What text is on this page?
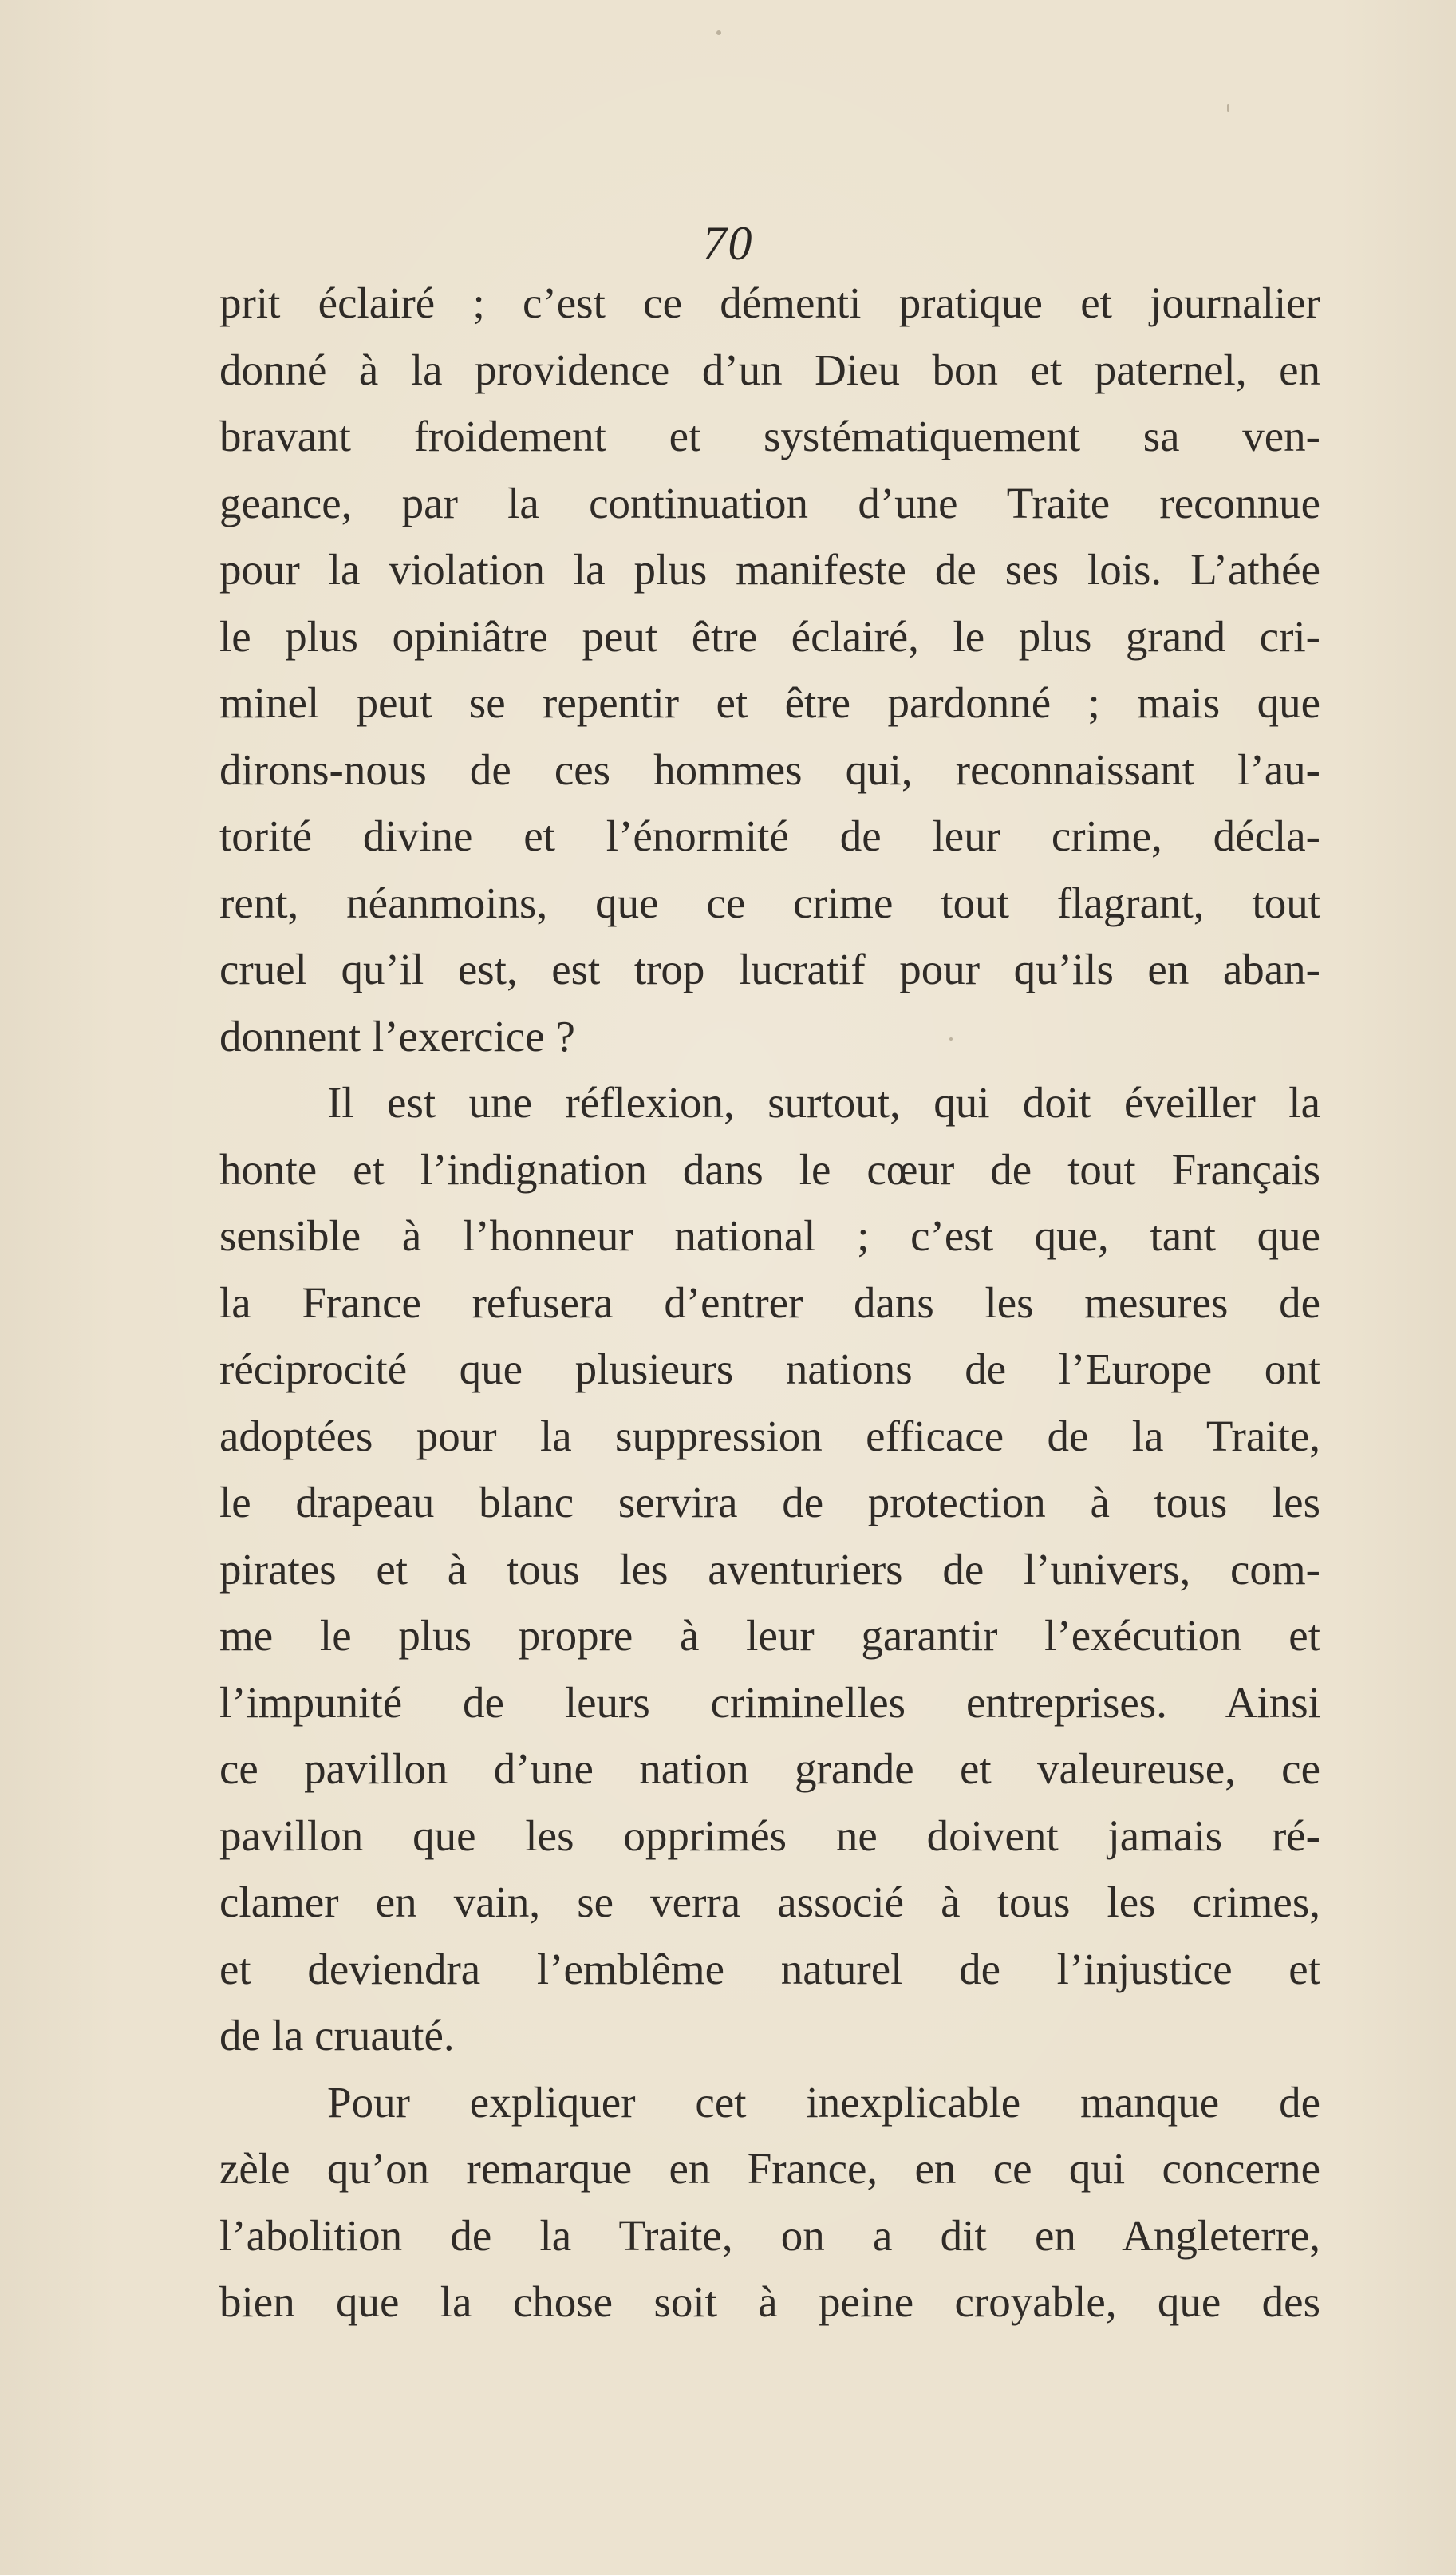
70
prit éclairé ; c’est ce démenti pratique et journalier
donné à la providence d’un Dieu bon et paternel, en
bravant froidement et systématiquement sa ven-
geance, par la continuation d’une Traite reconnue
pour la violation la plus manifeste de ses lois. L’athée
le plus opiniâtre peut être éclairé, le plus grand cri-
minel peut se repentir et être pardonné ; mais que
dirons-nous de ces hommes qui, reconnaissant l’au-
torité divine et l’énormité de leur crime, décla-
rent, néanmoins, que ce crime tout flagrant, tout
cruel qu’il est, est trop lucratif pour qu’ils en aban-
donnent l’exercice ?
Il est une réflexion, surtout, qui doit éveiller la
honte et l’indignation dans le cœur de tout Français
sensible à l’honneur national ; c’est que, tant que
la France refusera d’entrer dans les mesures de
réciprocité que plusieurs nations de l’Europe ont
adoptées pour la suppression efficace de la Traite,
le drapeau blanc servira de protection à tous les
pirates et à tous les aventuriers de l’univers, com-
me le plus propre à leur garantir l’exécution et
l’impunité de leurs criminelles entreprises. Ainsi
ce pavillon d’une nation grande et valeureuse, ce
pavillon que les opprimés ne doivent jamais ré-
clamer en vain, se verra associé à tous les crimes,
et deviendra l’emblême naturel de l’injustice et
de la cruauté.
Pour expliquer cet inexplicable manque de
zèle qu’on remarque en France, en ce qui concerne
l’abolition de la Traite, on a dit en Angleterre,
bien que la chose soit à peine croyable, que des
